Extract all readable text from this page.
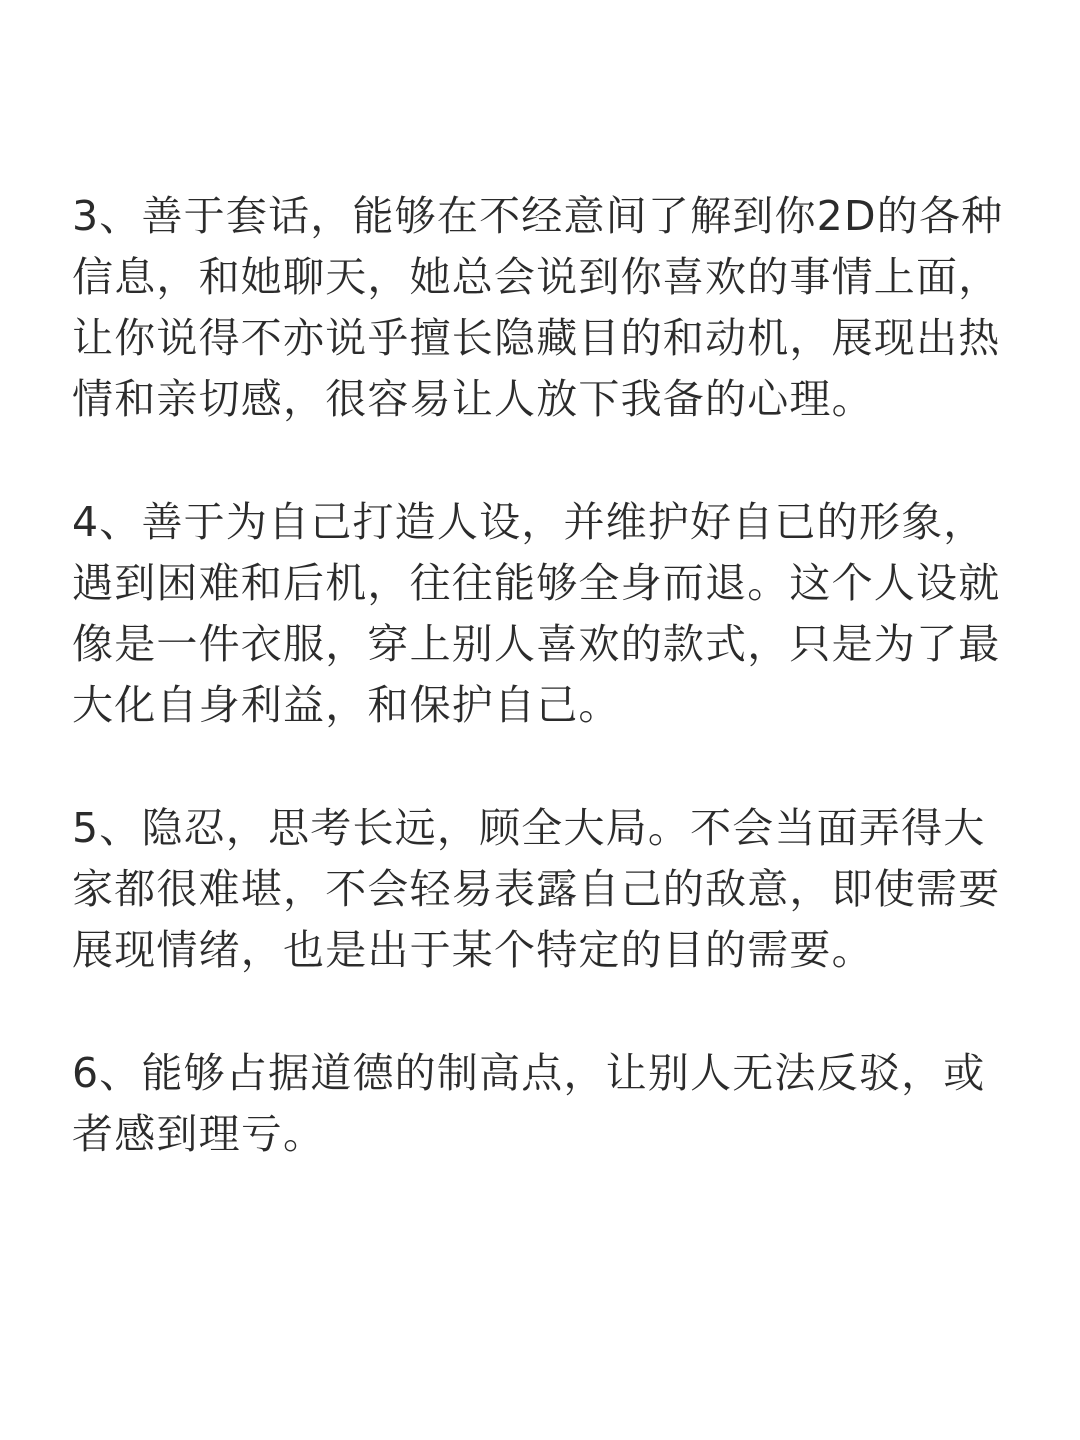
3、善于套话，能够在不经意间了解到你2D的各种信息，和她聊天，她总会说到你喜欢的事情上面，让你说得不亦说乎擅长隐藏目的和动机，展现出热情和亲切感，很容易让人放下我备的心理。

4、善于为自己打造人设，并维护好自已的形象，遇到困难和后机，往往能够全身而退。这个人设就像是一件衣服，穿上别人喜欢的款式，只是为了最大化自身利益，和保护自己。

5、隐忍，思考长远，顾全大局。不会当面弄得大家都很难堪，不会轻易表露自己的敌意，即使需要展现情绪，也是出于某个特定的目的需要。

6、能够占据道德的制高点，让别人无法反驳，或者感到理亏。
